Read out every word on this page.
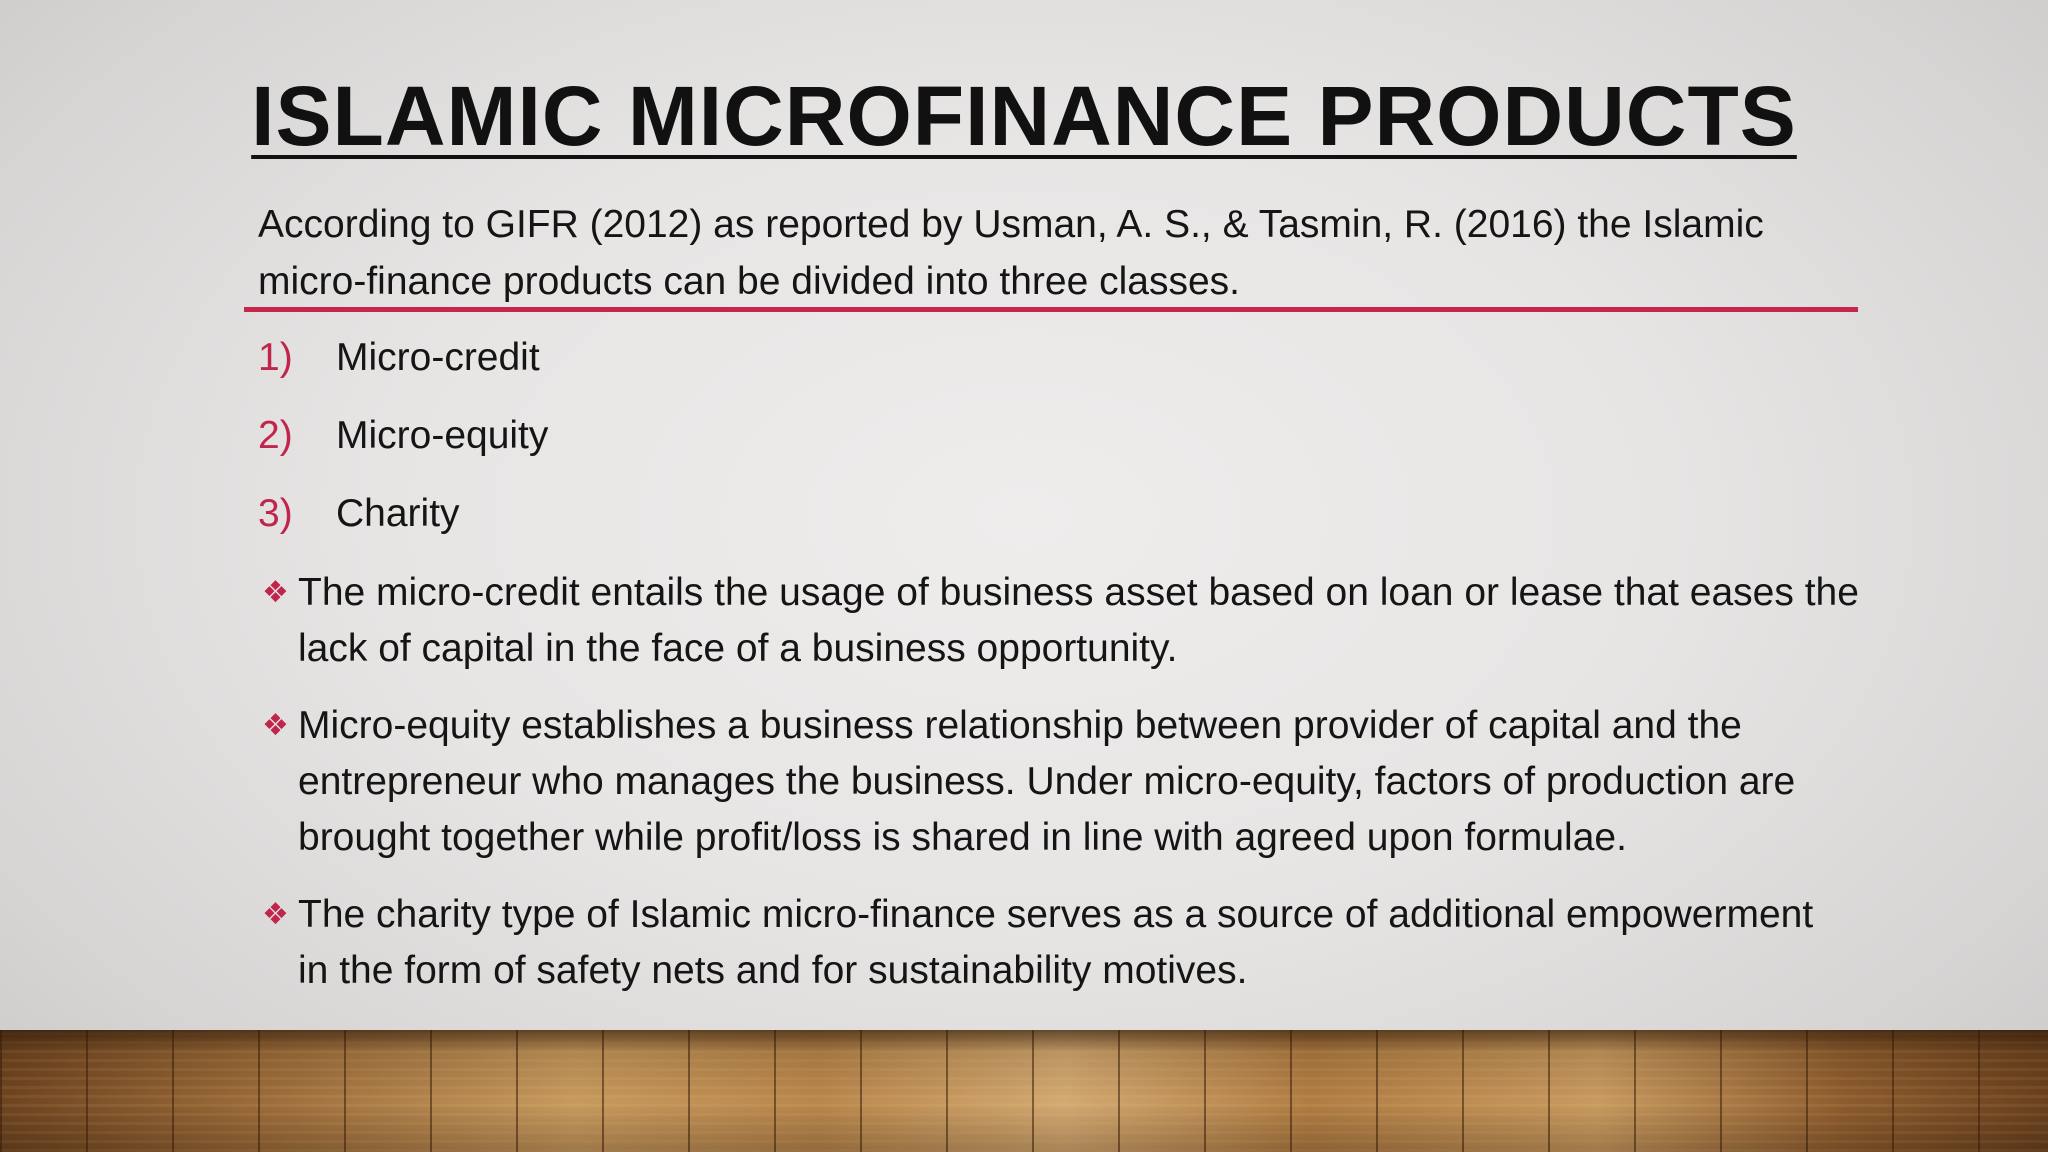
ISLAMIC MICROFINANCE PRODUCTS
According to GIFR (2012) as reported by Usman, A. S., & Tasmin, R. (2016) the Islamic
micro-finance products can be divided into three classes.
1) Micro-credit
2) Micro-equity
3) Charity
❖ The micro-credit entails the usage of business asset based on loan or lease that eases the
lack of capital in the face of a business opportunity.
❖ Micro-equity establishes a business relationship between provider of capital and the
entrepreneur who manages the business. Under micro-equity, factors of production are
brought together while profit/loss is shared in line with agreed upon formulae.
❖ The charity type of Islamic micro-finance serves as a source of additional empowerment
in the form of safety nets and for sustainability motives.
